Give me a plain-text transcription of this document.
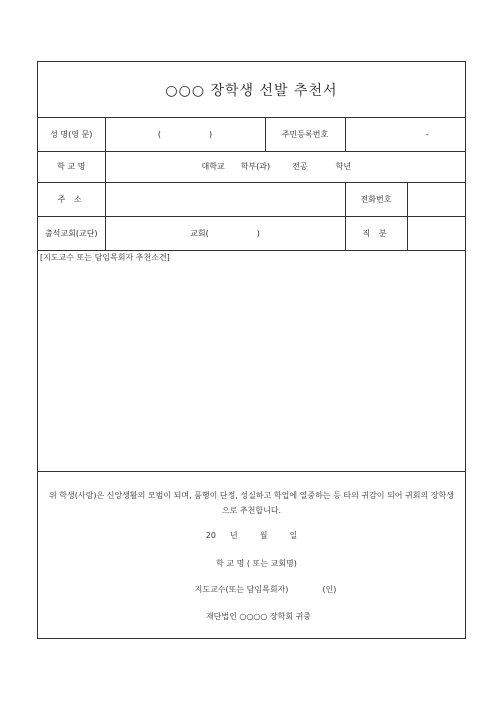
○○○ 장학생 선발 추천서
성 명(영 문)	( )	주민등록번호	-	
학 교 명	대학교 학부(과) 전공 학년			
주 소			전화번호	
출석교회(교단)	교회( )		직 분	
[지도교수 또는 담임목회자 추천소견]
위 학생(사람)은 신앙생활의 모범이 되며, 품행이 단정, 성실하고 학업에 열중하는 등 타의 귀감이 되어 귀회의 장학생으로 추천합니다.
20 년	월	일
학 교 명 ( 또는 교회명)
지도교수(또는 담임목회자)	(인)
재단법인 ○○○○ 장학회 귀중
